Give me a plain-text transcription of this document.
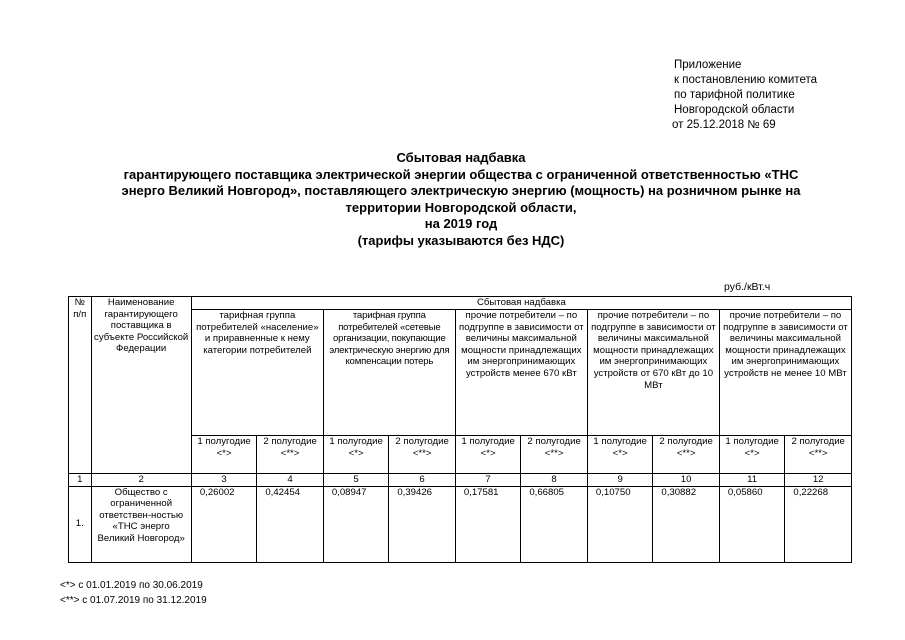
Приложение
к постановлению комитета
по тарифной политике
Новгородской области
от 25.12.2018 № 69
Сбытовая надбавка
гарантирующего поставщика электрической энергии общества с ограниченной ответственностью «ТНС
энерго Великий Новгород», поставляющего электрическую энергию (мощность) на розничном рынке на
территории Новгородской области,
на 2019 год
(тарифы указываются без НДС)
руб./кВт.ч
№ п/п	Наименование гарантирующего поставщика в субъекте Российской Федерации	Сбытовая надбавка									
		тарифная группа потребителей «население» и приравненные к нему категории потребителей		тарифная группа потребителей «сетевые организации, покупающие электрическую энергию для компенсации потерь		прочие потребители – по подгруппе в зависимости от величины максимальной мощности принадлежащих им энергопринимающих устройств менее 670 кВт		прочие потребители – по подгруппе в зависимости от величины максимальной мощности принадлежащих им энергопринимающих устройств от 670 кВт до 10 МВт		прочие потребители – по подгруппе в зависимости от величины максимальной мощности принадлежащих им энергопринимающих устройств не менее 10 МВт	
		1 полугодие <*>	2 полугодие <**>	1 полугодие <*>	2 полугодие <**>	1 полугодие <*>	2 полугодие <**>	1 полугодие <*>	2 полугодие <**>	1 полугодие <*>	2 полугодие <**>
1	2	3	4	5	6	7	8	9	10	11	12
1.	Общество с ограниченной ответствен-ностью «ТНС энерго Великий Новгород»	0,26002	0,42454	0,08947	0,39426	0,17581	0,66805	0,10750	0,30882	0,05860	0,22268
<*> с 01.01.2019 по 30.06.2019
<**> с 01.07.2019 по 31.12.2019
